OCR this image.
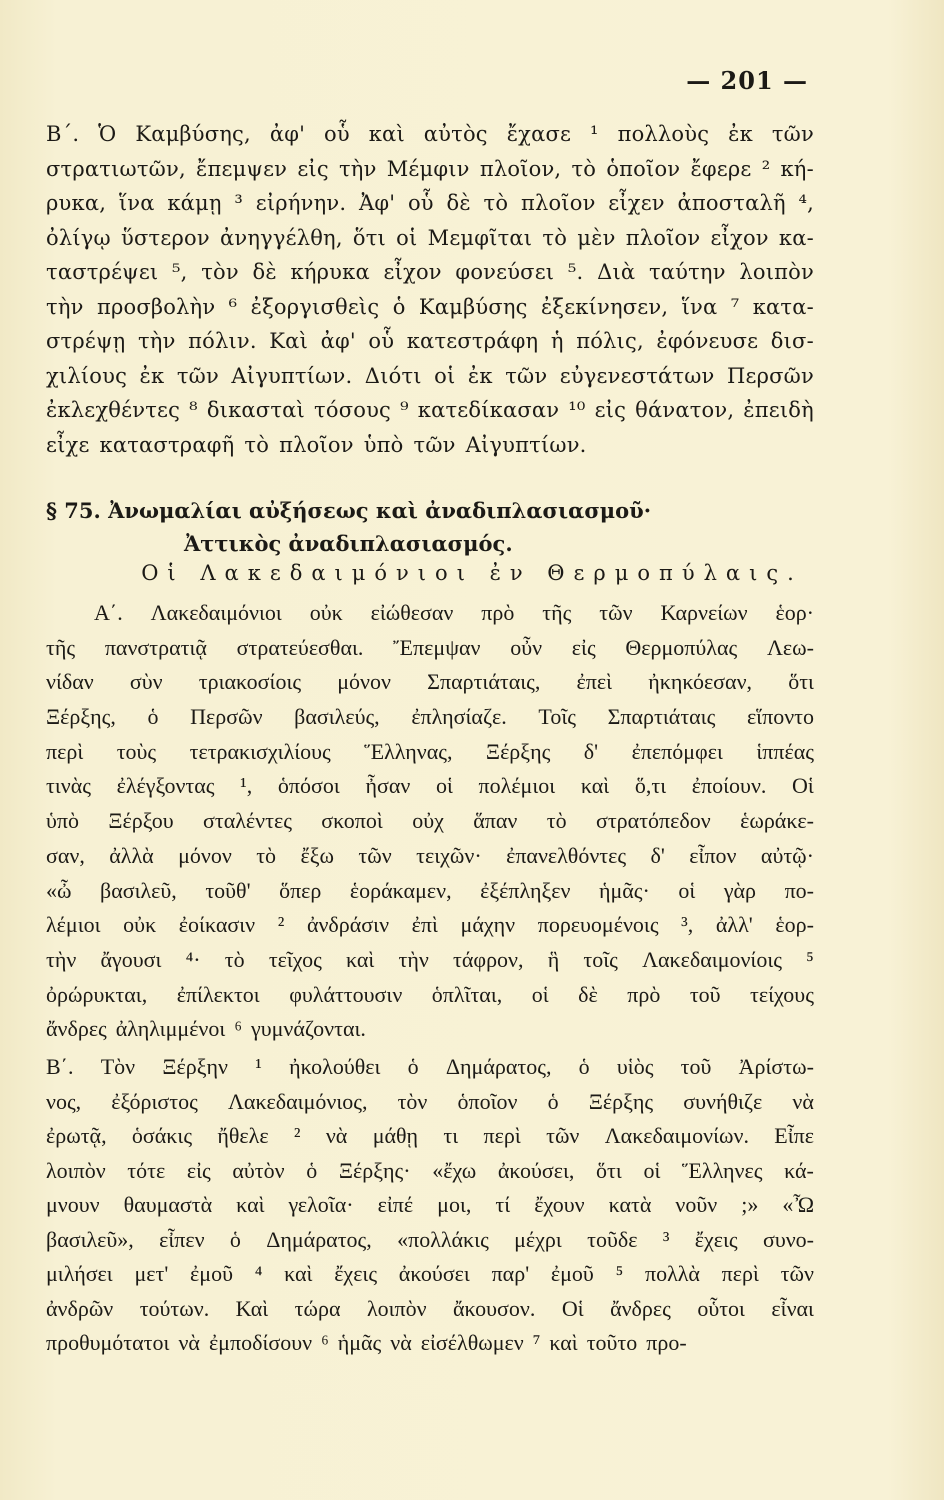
— 201 —
Β΄. Ὁ Καμβύσης, ἀφ' οὗ καὶ αὐτὸς ἔχασε ¹ πολλοὺς ἐκ τῶν
στρατιωτῶν, ἔπεμψεν εἰς τὴν Μέμφιν πλοῖον, τὸ ὁποῖον ἔφερε ² κή-
ρυκα, ἵνα κάμῃ ³ εἰρήνην. Ἀφ' οὗ δὲ τὸ πλοῖον εἶχεν ἀποσταλῆ ⁴,
ὀλίγῳ ὕστερον ἀνηγγέλθη, ὅτι οἱ Μεμφῖται τὸ μὲν πλοῖον εἶχον κα-
ταστρέψει ⁵, τὸν δὲ κήρυκα εἶχον φονεύσει ⁵. Διὰ ταύτην λοιπὸν
τὴν προσβολὴν ⁶ ἐξοργισθεὶς ὁ Καμβύσης ἐξεκίνησεν, ἵνα ⁷ κατα-
στρέψῃ τὴν πόλιν. Καὶ ἀφ' οὗ κατεστράφη ἡ πόλις, ἐφόνευσε δισ-
χιλίους ἐκ τῶν Αἰγυπτίων. Διότι οἱ ἐκ τῶν εὐγενεστάτων Περσῶν
ἐκλεχθέντες ⁸ δικασταὶ τόσους ⁹ κατεδίκασαν ¹⁰ εἰς θάνατον, ἐπειδὴ
εἶχε καταστραφῆ τὸ πλοῖον ὑπὸ τῶν Αἰγυπτίων.
§ 75. Ἀνωμαλίαι αὐξήσεως καὶ ἀναδιπλασιασμοῦ·
Ἀττικὸς ἀναδιπλασιασμός.
Οἱ Λακεδαιμόνιοι ἐν Θερμοπύλαις.
Α΄. Λακεδαιμόνιοι οὐκ εἰώθεσαν πρὸ τῆς τῶν Καρνείων ἑορ·
τῆς πανστρατιᾷ στρατεύεσθαι. Ἔπεμψαν οὖν εἰς Θερμοπύλας Λεω-
νίδαν σὺν τριακοσίοις μόνον Σπαρτιάταις, ἐπεὶ ἠκηκόεσαν, ὅτι
Ξέρξης, ὁ Περσῶν βασιλεύς, ἐπλησίαζε. Τοῖς Σπαρτιάταις εἵποντο
περὶ τοὺς τετρακισχιλίους Ἕλληνας, Ξέρξης δ' ἐπεπόμφει ἱππέας
τινὰς ἐλέγξοντας ¹, ὁπόσοι ἦσαν οἱ πολέμιοι καὶ ὅ,τι ἐποίουν. Οἱ
ὑπὸ Ξέρξου σταλέντες σκοποὶ οὐχ ἅπαν τὸ στρατόπεδον ἑωράκε-
σαν, ἀλλὰ μόνον τὸ ἔξω τῶν τειχῶν· ἐπανελθόντες δ' εἶπον αὐτῷ·
«ὦ βασιλεῦ, τοῦθ' ὅπερ ἑοράκαμεν, ἐξέπληξεν ἡμᾶς· οἱ γὰρ πο-
λέμιοι οὐκ ἐοίκασιν ² ἀνδράσιν ἐπὶ μάχην πορευομένοις ³, ἀλλ' ἑορ-
τὴν ἄγουσι ⁴· τὸ τεῖχος καὶ τὴν τάφρον, ἣ τοῖς Λακεδαιμονίοις ⁵
ὀρώρυκται, ἐπίλεκτοι φυλάττουσιν ὁπλῖται, οἱ δὲ πρὸ τοῦ τείχους
ἄνδρες ἀληλιμμένοι ⁶ γυμνάζονται.
Β΄. Τὸν Ξέρξην ¹ ἠκολούθει ὁ Δημάρατος, ὁ υἱὸς τοῦ Ἀρίστω-
νος, ἐξόριστος Λακεδαιμόνιος, τὸν ὁποῖον ὁ Ξέρξης συνήθιζε νὰ
ἐρωτᾷ, ὁσάκις ἤθελε ² νὰ μάθῃ τι περὶ τῶν Λακεδαιμονίων. Εἶπε
λοιπὸν τότε εἰς αὐτὸν ὁ Ξέρξης· «ἔχω ἀκούσει, ὅτι οἱ Ἕλληνες κά-
μνουν θαυμαστὰ καὶ γελοῖα· εἰπέ μοι, τί ἔχουν κατὰ νοῦν ;» «Ὦ
βασιλεῦ», εἶπεν ὁ Δημάρατος, «πολλάκις μέχρι τοῦδε ³ ἔχεις συνο-
μιλήσει μετ' ἐμοῦ ⁴ καὶ ἔχεις ἀκούσει παρ' ἐμοῦ ⁵ πολλὰ περὶ τῶν
ἀνδρῶν τούτων. Καὶ τώρα λοιπὸν ἄκουσον. Οἱ ἄνδρες οὗτοι εἶναι
προθυμότατοι νὰ ἐμποδίσουν ⁶ ἡμᾶς νὰ εἰσέλθωμεν ⁷ καὶ τοῦτο προ-
